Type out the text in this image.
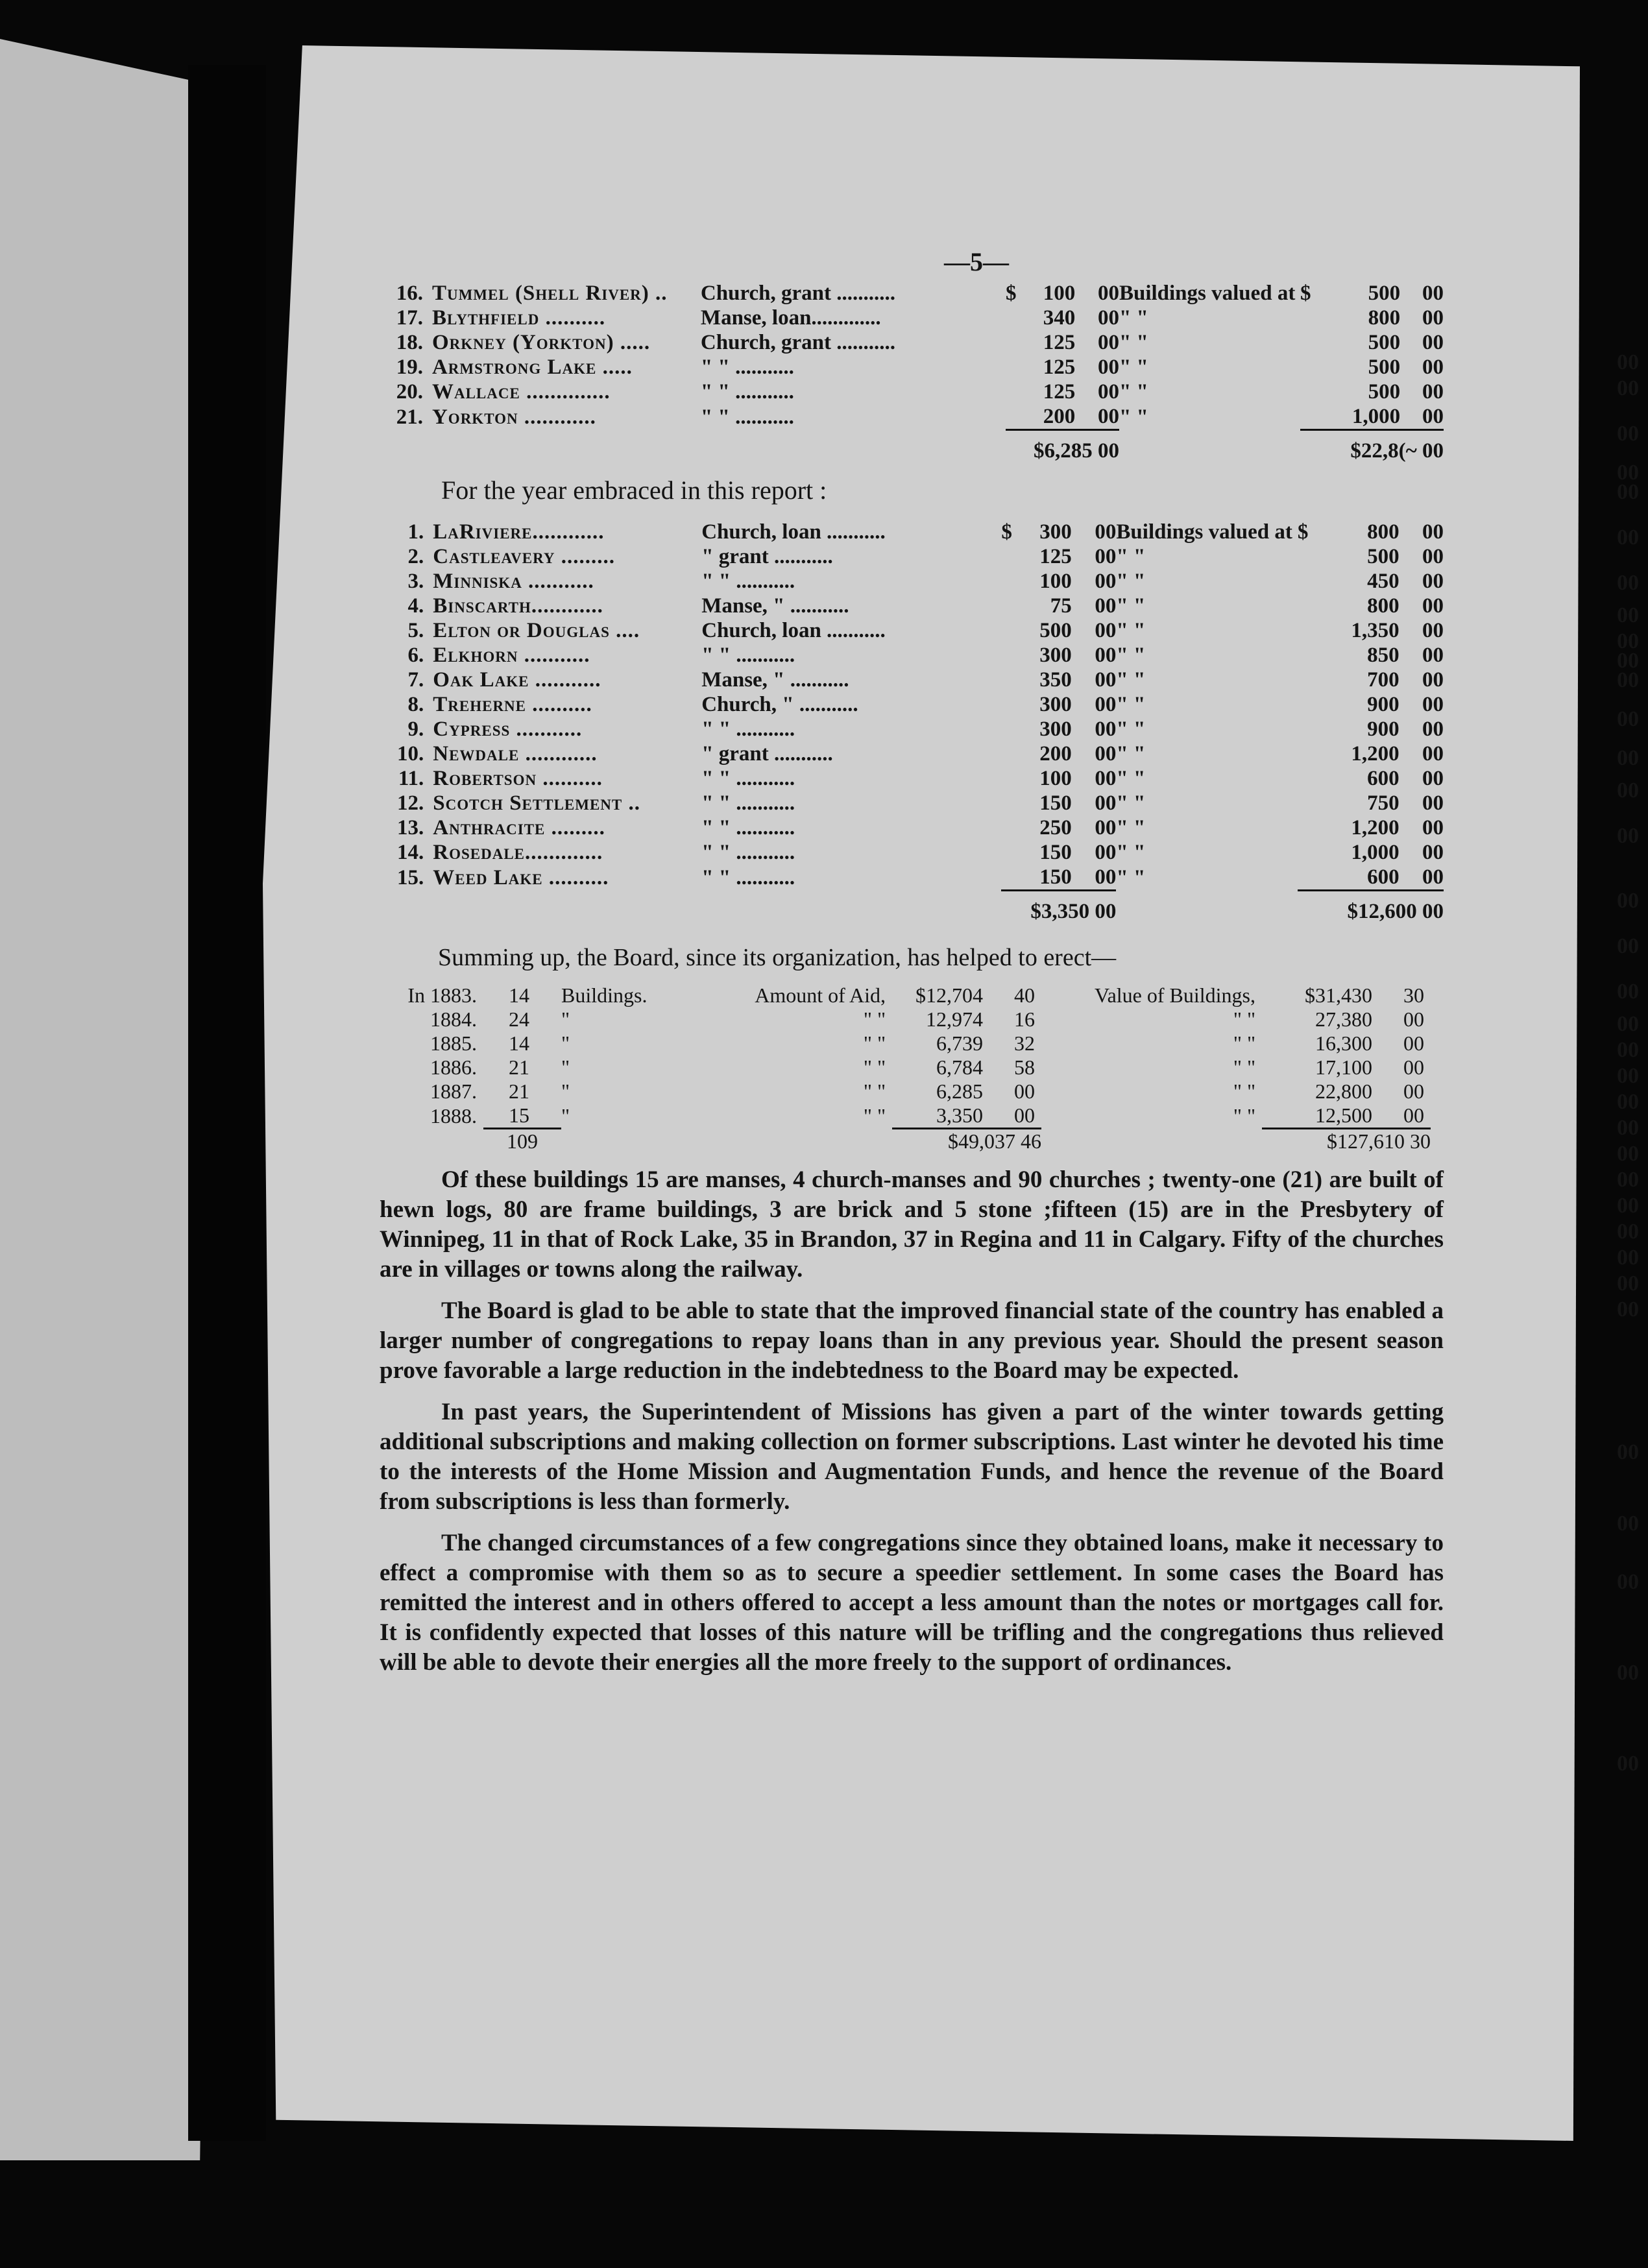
00
00
00
00
00
00
00
00
00
00
00
00
00
00
00
00
00
00
00
00
00
00
00
00
00
00
00
00
00
00
00
00
00
00
00
—5—
16.	Tummel (Shell River) ..	Church, grant ...........		$	100	00	Buildings valued at	$	500	00
17.	Blythfield ..........	Manse, loan.............			340	00	" "		800	00
18.	Orkney (Yorkton) .....	Church, grant ...........			125	00	" "		500	00
19.	Armstrong Lake .....	" " ...........			125	00	" "		500	00
20.	Wallace ..............	" " ...........			125	00	" "		500	00
21.	Yorkton ............	" " ...........			200	00	" "		1,000	00
				$6,285 00				$22,8(~ 00		
For the year embraced in this report :
1.	LaRiviere............	Church, loan ...........		$	300	00	Buildings valued at	$	800	00
2.	Castleavery .........	" grant ...........			125	00	" "		500	00
3.	Minniska ...........	" " ...........			100	00	" "		450	00
4.	Binscarth............	Manse, " ...........			75	00	" "		800	00
5.	Elton or Douglas ....	Church, loan ...........			500	00	" "		1,350	00
6.	Elkhorn ...........	" " ...........			300	00	" "		850	00
7.	Oak Lake ...........	Manse, " ...........			350	00	" "		700	00
8.	Treherne ..........	Church, " ...........			300	00	" "		900	00
9.	Cypress ...........	" " ...........			300	00	" "		900	00
10.	Newdale ............	" grant ...........			200	00	" "		1,200	00
11.	Robertson ..........	" " ...........			100	00	" "		600	00
12.	Scotch Settlement ..	" " ...........			150	00	" "		750	00
13.	Anthracite .........	" " ...........			250	00	" "		1,200	00
14.	Rosedale.............	" " ...........			150	00	" "		1,000	00
15.	Weed Lake ..........	" " ...........			150	00	" "		600	00
				$3,350 00				$12,600 00		
Summing up, the Board, since its organization, has helped to erect—
In 1883.	14	Buildings.	Amount of Aid,	$12,704	40	Value of Buildings,	$31,430	30
1884.	24	"	" "	12,974	16	" "	27,380	00
1885.	14	"	" "	6,739	32	" "	16,300	00
1886.	21	"	" "	6,784	58	" "	17,100	00
1887.	21	"	" "	6,285	00	" "	22,800	00
1888.	15	"	" "	3,350	00	" "	12,500	00
	109			$49,037 46			$127,610 30	

Of these buildings 15 are manses, 4 church-manses and 90 churches ; twenty-one (21) are built of hewn logs, 80 are frame buildings, 3 are brick and 5 stone ;fifteen (15) are in the Presbytery of Winnipeg, 11 in that of Rock Lake, 35 in Brandon, 37 in Regina and 11 in Calgary. Fifty of the churches are in villages or towns along the railway.

The Board is glad to be able to state that the improved financial state of the country has enabled a larger number of congregations to repay loans than in any previous year. Should the present season prove favorable a large reduction in the indebtedness to the Board may be expected.

In past years, the Superintendent of Missions has given a part of the winter towards getting additional subscriptions and making collection on former subscriptions. Last winter he devoted his time to the interests of the Home Mission and Augmentation Funds, and hence the revenue of the Board from subscriptions is less than formerly.

The changed circumstances of a few congregations since they obtained loans, make it necessary to effect a compromise with them so as to secure a speedier settlement. In some cases the Board has remitted the interest and in others offered to accept a less amount than the notes or mortgages call for. It is confidently expected that losses of this nature will be trifling and the congregations thus relieved will be able to devote their energies all the more freely to the support of ordinances.
